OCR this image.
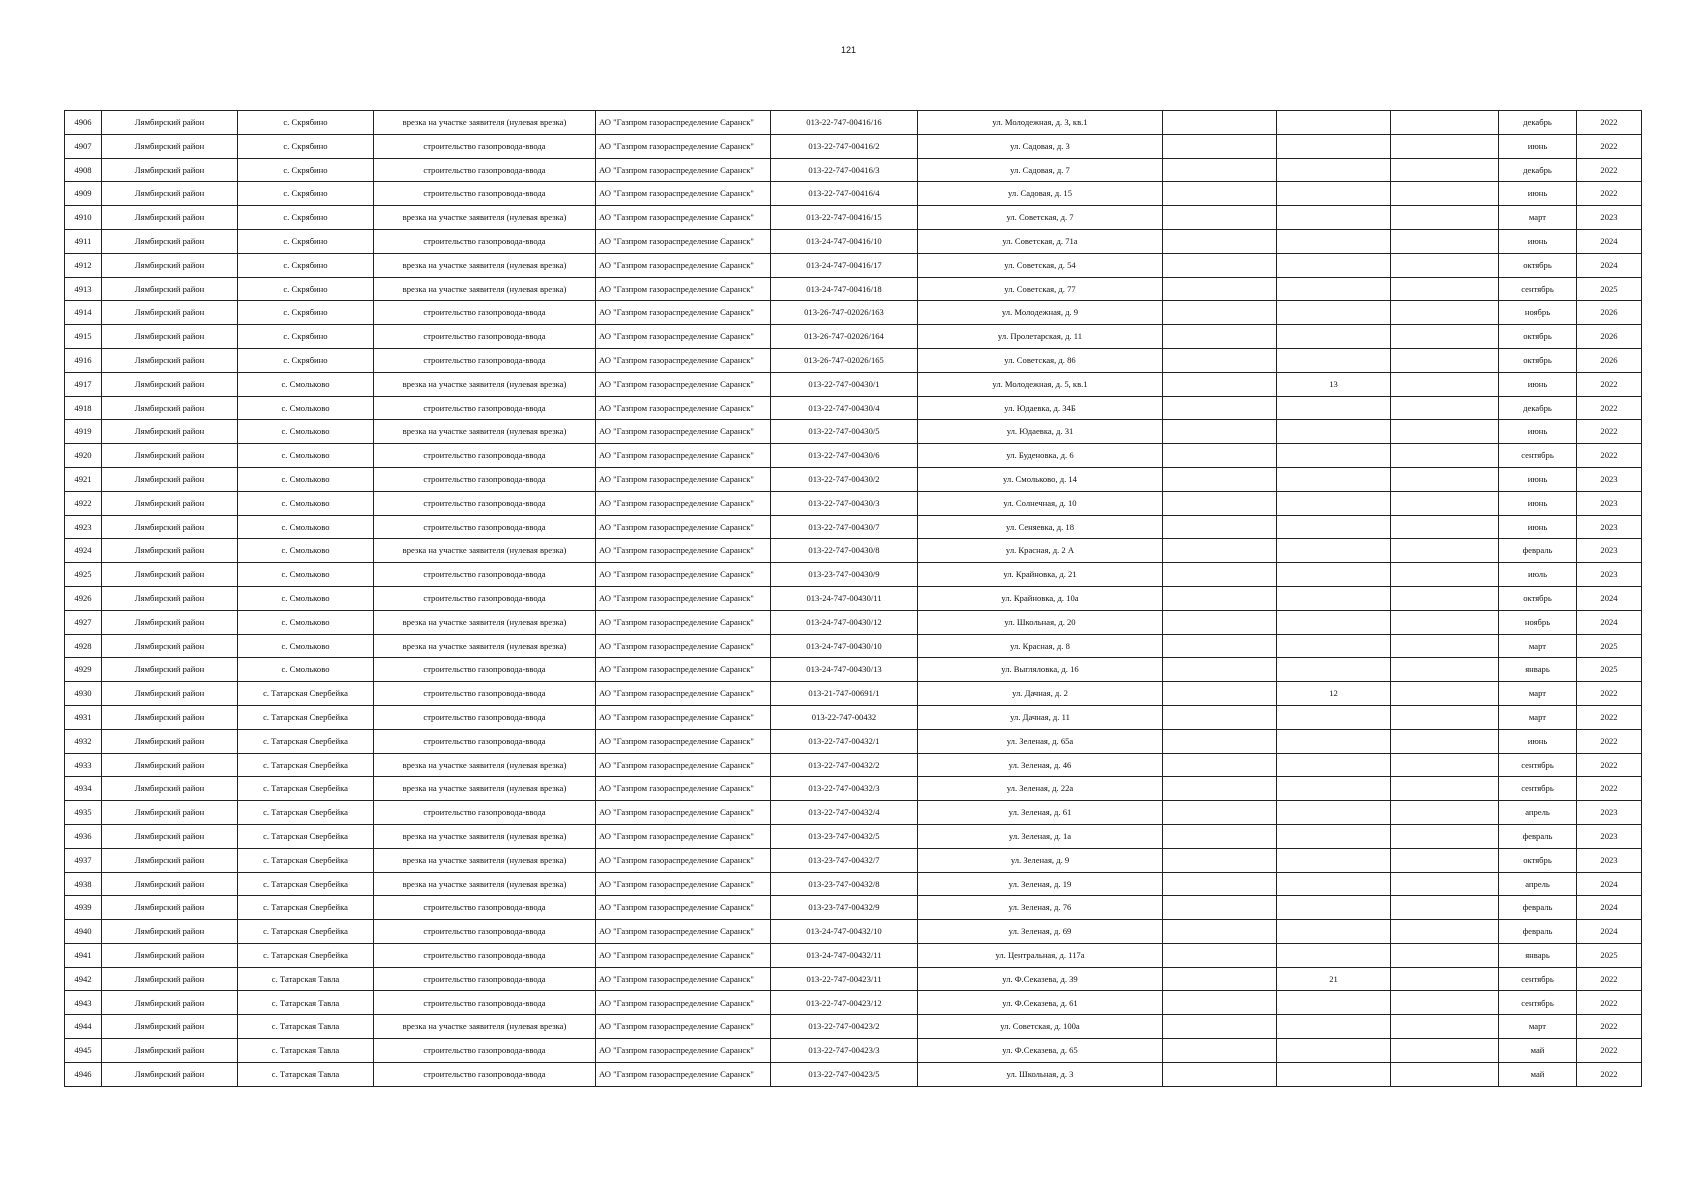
121
4906	Лямбирский район	с. Скрябино	врезка на участке заявителя (нулевая врезка)	АО "Газпром газораспределение Саранск"	013-22-747-00416/16	ул. Молодежная, д. 3, кв.1				декабрь	2022
4907	Лямбирский район	с. Скрябино	строительство газопровода-ввода	АО "Газпром газораспределение Саранск"	013-22-747-00416/2	ул. Садовая, д. 3				июнь	2022
4908	Лямбирский район	с. Скрябино	строительство газопровода-ввода	АО "Газпром газораспределение Саранск"	013-22-747-00416/3	ул. Садовая, д. 7				декабрь	2022
4909	Лямбирский район	с. Скрябино	строительство газопровода-ввода	АО "Газпром газораспределение Саранск"	013-22-747-00416/4	ул. Садовая, д. 15				июнь	2022
4910	Лямбирский район	с. Скрябино	врезка на участке заявителя (нулевая врезка)	АО "Газпром газораспределение Саранск"	013-22-747-00416/15	ул. Советская, д. 7				март	2023
4911	Лямбирский район	с. Скрябино	строительство газопровода-ввода	АО "Газпром газораспределение Саранск"	013-24-747-00416/10	ул. Советская, д. 71а				июнь	2024
4912	Лямбирский район	с. Скрябино	врезка на участке заявителя (нулевая врезка)	АО "Газпром газораспределение Саранск"	013-24-747-00416/17	ул. Советская, д. 54				октябрь	2024
4913	Лямбирский район	с. Скрябино	врезка на участке заявителя (нулевая врезка)	АО "Газпром газораспределение Саранск"	013-24-747-00416/18	ул. Советская, д. 77				сентябрь	2025
4914	Лямбирский район	с. Скрябино	строительство газопровода-ввода	АО "Газпром газораспределение Саранск"	013-26-747-02026/163	ул. Молодежная, д. 9				ноябрь	2026
4915	Лямбирский район	с. Скрябино	строительство газопровода-ввода	АО "Газпром газораспределение Саранск"	013-26-747-02026/164	ул. Пролетарская, д. 11				октябрь	2026
4916	Лямбирский район	с. Скрябино	строительство газопровода-ввода	АО "Газпром газораспределение Саранск"	013-26-747-02026/165	ул. Советская, д. 86				октябрь	2026
4917	Лямбирский район	с. Смольково	врезка на участке заявителя (нулевая врезка)	АО "Газпром газораспределение Саранск"	013-22-747-00430/1	ул. Молодежная, д. 5, кв.1		13		июнь	2022
4918	Лямбирский район	с. Смольково	строительство газопровода-ввода	АО "Газпром газораспределение Саранск"	013-22-747-00430/4	ул. Юдаевка, д. 34Б				декабрь	2022
4919	Лямбирский район	с. Смольково	врезка на участке заявителя (нулевая врезка)	АО "Газпром газораспределение Саранск"	013-22-747-00430/5	ул. Юдаевка, д. 31				июнь	2022
4920	Лямбирский район	с. Смольково	строительство газопровода-ввода	АО "Газпром газораспределение Саранск"	013-22-747-00430/6	ул. Буденовка, д. 6				сентябрь	2022
4921	Лямбирский район	с. Смольково	строительство газопровода-ввода	АО "Газпром газораспределение Саранск"	013-22-747-00430/2	ул. Смольково, д. 14				июнь	2023
4922	Лямбирский район	с. Смольково	строительство газопровода-ввода	АО "Газпром газораспределение Саранск"	013-22-747-00430/3	ул. Солнечная, д. 10				июнь	2023
4923	Лямбирский район	с. Смольково	строительство газопровода-ввода	АО "Газпром газораспределение Саранск"	013-22-747-00430/7	ул. Сеняевка, д. 18				июнь	2023
4924	Лямбирский район	с. Смольково	врезка на участке заявителя (нулевая врезка)	АО "Газпром газораспределение Саранск"	013-22-747-00430/8	ул. Красная, д. 2 А				февраль	2023
4925	Лямбирский район	с. Смольково	строительство газопровода-ввода	АО "Газпром газораспределение Саранск"	013-23-747-00430/9	ул. Крайновка, д. 21				июль	2023
4926	Лямбирский район	с. Смольково	строительство газопровода-ввода	АО "Газпром газораспределение Саранск"	013-24-747-00430/11	ул. Крайновка, д. 10а				октябрь	2024
4927	Лямбирский район	с. Смольково	врезка на участке заявителя (нулевая врезка)	АО "Газпром газораспределение Саранск"	013-24-747-00430/12	ул. Школьная, д. 20				ноябрь	2024
4928	Лямбирский район	с. Смольково	врезка на участке заявителя (нулевая врезка)	АО "Газпром газораспределение Саранск"	013-24-747-00430/10	ул. Красная, д. 8				март	2025
4929	Лямбирский район	с. Смольково	строительство газопровода-ввода	АО "Газпром газораспределение Саранск"	013-24-747-00430/13	ул. Выгляловка, д. 16				январь	2025
4930	Лямбирский район	с. Татарская Свербейка	строительство газопровода-ввода	АО "Газпром газораспределение Саранск"	013-21-747-00691/1	ул. Дачная, д. 2		12		март	2022
4931	Лямбирский район	с. Татарская Свербейка	строительство газопровода-ввода	АО "Газпром газораспределение Саранск"	013-22-747-00432	ул. Дачная, д. 11				март	2022
4932	Лямбирский район	с. Татарская Свербейка	строительство газопровода-ввода	АО "Газпром газораспределение Саранск"	013-22-747-00432/1	ул. Зеленая, д. 65а				июнь	2022
4933	Лямбирский район	с. Татарская Свербейка	врезка на участке заявителя (нулевая врезка)	АО "Газпром газораспределение Саранск"	013-22-747-00432/2	ул. Зеленая, д. 46				сентябрь	2022
4934	Лямбирский район	с. Татарская Свербейка	врезка на участке заявителя (нулевая врезка)	АО "Газпром газораспределение Саранск"	013-22-747-00432/3	ул. Зеленая, д. 22а				сентябрь	2022
4935	Лямбирский район	с. Татарская Свербейка	строительство газопровода-ввода	АО "Газпром газораспределение Саранск"	013-22-747-00432/4	ул. Зеленая, д. 61				апрель	2023
4936	Лямбирский район	с. Татарская Свербейка	врезка на участке заявителя (нулевая врезка)	АО "Газпром газораспределение Саранск"	013-23-747-00432/5	ул. Зеленая, д. 1а				февраль	2023
4937	Лямбирский район	с. Татарская Свербейка	врезка на участке заявителя (нулевая врезка)	АО "Газпром газораспределение Саранск"	013-23-747-00432/7	ул. Зеленая, д. 9				октябрь	2023
4938	Лямбирский район	с. Татарская Свербейка	врезка на участке заявителя (нулевая врезка)	АО "Газпром газораспределение Саранск"	013-23-747-00432/8	ул. Зеленая, д. 19				апрель	2024
4939	Лямбирский район	с. Татарская Свербейка	строительство газопровода-ввода	АО "Газпром газораспределение Саранск"	013-23-747-00432/9	ул. Зеленая, д. 76				февраль	2024
4940	Лямбирский район	с. Татарская Свербейка	строительство газопровода-ввода	АО "Газпром газораспределение Саранск"	013-24-747-00432/10	ул. Зеленая, д. 69				февраль	2024
4941	Лямбирский район	с. Татарская Свербейка	строительство газопровода-ввода	АО "Газпром газораспределение Саранск"	013-24-747-00432/11	ул. Центральная, д. 117а				январь	2025
4942	Лямбирский район	с. Татарская Тавла	строительство газопровода-ввода	АО "Газпром газораспределение Саранск"	013-22-747-00423/11	ул. Ф.Секазева, д. 39		21		сентябрь	2022
4943	Лямбирский район	с. Татарская Тавла	строительство газопровода-ввода	АО "Газпром газораспределение Саранск"	013-22-747-00423/12	ул. Ф.Секазева, д. 61				сентябрь	2022
4944	Лямбирский район	с. Татарская Тавла	врезка на участке заявителя (нулевая врезка)	АО "Газпром газораспределение Саранск"	013-22-747-00423/2	ул. Советская, д. 100а				март	2022
4945	Лямбирский район	с. Татарская Тавла	строительство газопровода-ввода	АО "Газпром газораспределение Саранск"	013-22-747-00423/3	ул. Ф.Секазева, д. 65				май	2022
4946	Лямбирский район	с. Татарская Тавла	строительство газопровода-ввода	АО "Газпром газораспределение Саранск"	013-22-747-00423/5	ул. Школьная, д. 3				май	2022
